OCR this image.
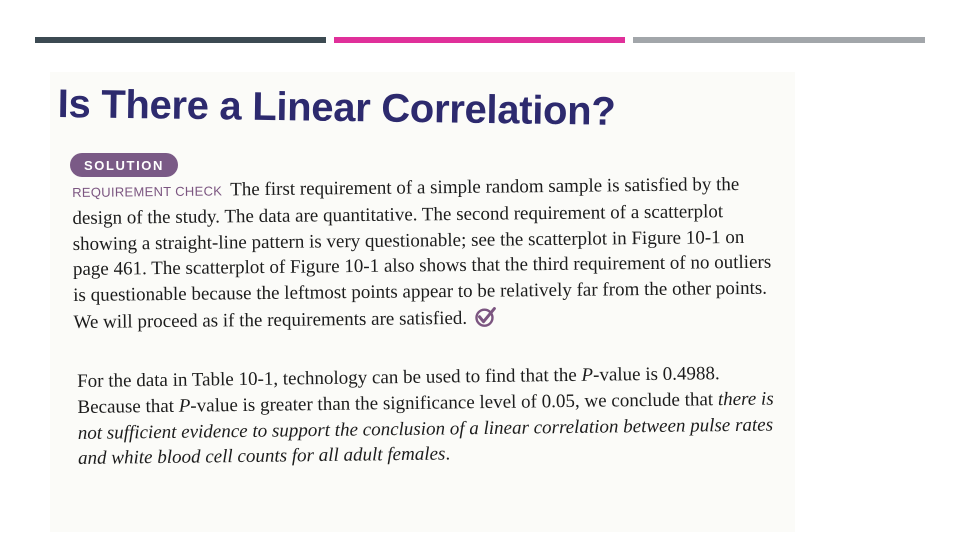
Is There a Linear Correlation?
SOLUTION

REQUIREMENT CHECK The first requirement of a simple random sample is satisfied by the design of the study. The data are quantitative. The second requirement of a scatterplot showing a straight-line pattern is very questionable; see the scatterplot in Figure 10-1 on page 461. The scatterplot of Figure 10-1 also shows that the third requirement of no outliers is questionable because the leftmost points appear to be relatively far from the other points. We will proceed as if the requirements are satisfied.

For the data in Table 10-1, technology can be used to find that the P-value is 0.4988. Because that P-value is greater than the significance level of 0.05, we conclude that there is not sufficient evidence to support the conclusion of a linear correlation between pulse rates and white blood cell counts for all adult females.
